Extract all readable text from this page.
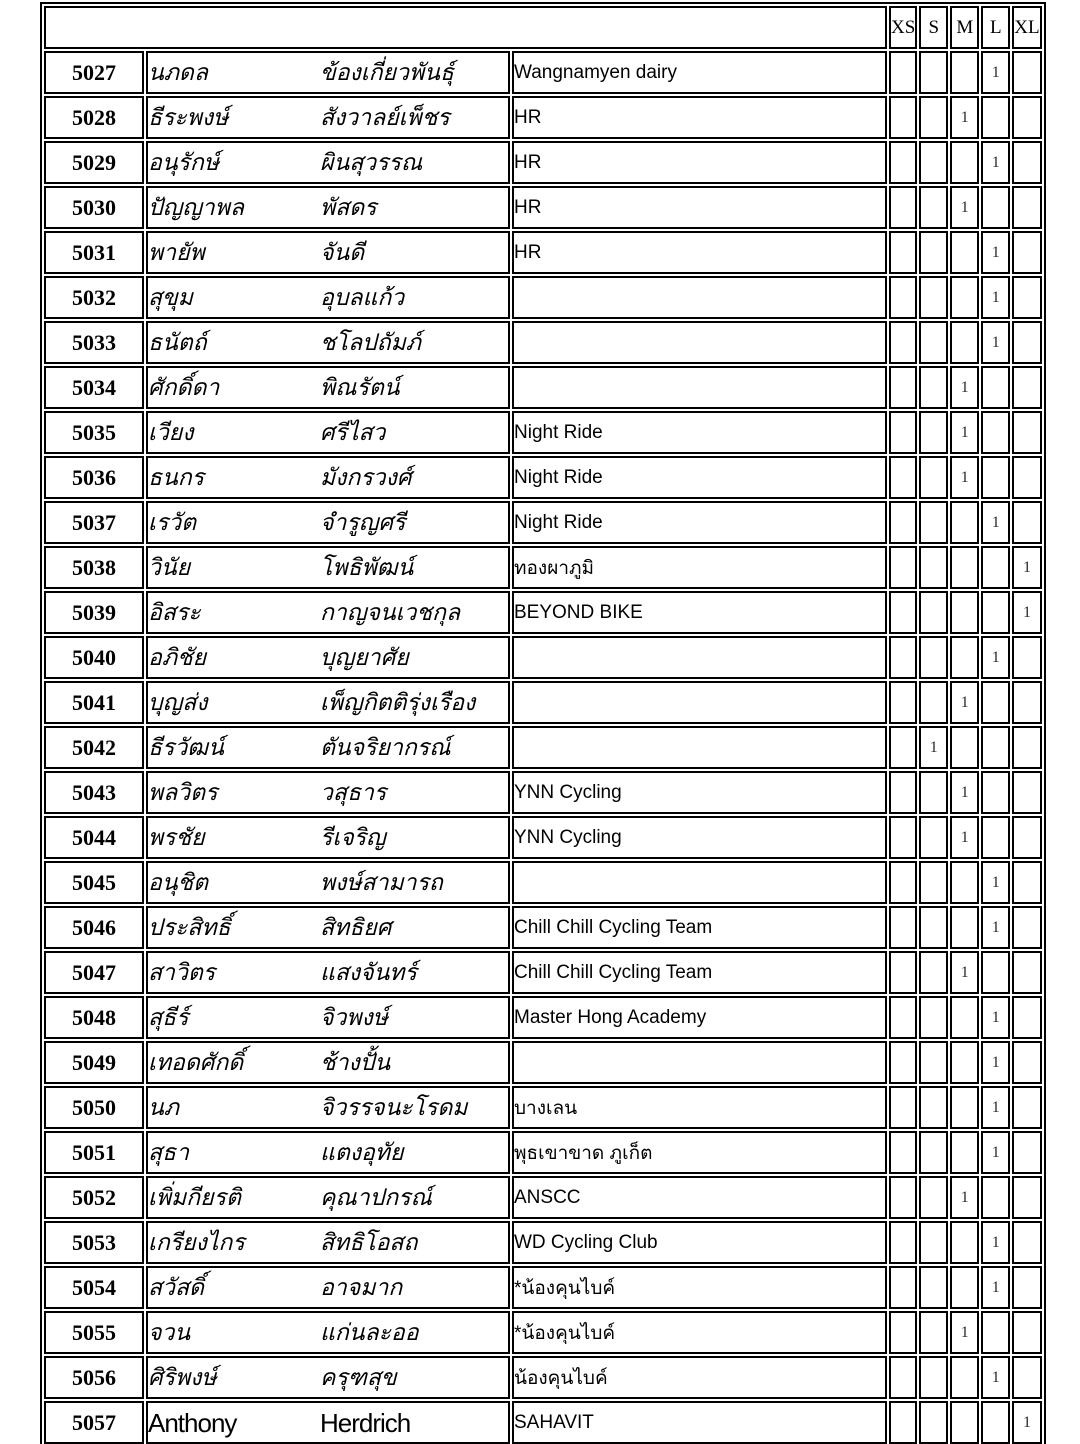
			XS	S	M	L	XL
5027	นภดล ข้องเกี่ยวพันธุ์	Wangnamyen dairy				1	
5028	ธีระพงษ์ สังวาลย์เพ็ชร	HR			1		
5029	อนุรักษ์ ผินสุวรรณ	HR				1	
5030	ปัญญาพล พัสดร	HR			1		
5031	พายัพ จันดี	HR				1	
5032	สุขุม อุบลแก้ว					1	
5033	ธนัตถ์ ชโลปถัมภ์					1	
5034	ศักดิ์ดา พิณรัตน์				1		
5035	เวียง ศรีไสว	Night Ride			1		
5036	ธนกร มังกรวงศ์	Night Ride			1		
5037	เรวัต จำรูญศรี	Night Ride				1	
5038	วินัย โพธิพัฒน์	ทองผาภูมิ					1
5039	อิสระ กาญจนเวชกุล	BEYOND BIKE					1
5040	อภิชัย บุญยาศัย					1	
5041	บุญส่ง เพ็ญกิตติรุ่งเรือง				1		
5042	ธีรวัฒน์ ตันจริยากรณ์			1			
5043	พลวิตร วสุธาร	YNN Cycling			1		
5044	พรชัย รีเจริญ	YNN Cycling			1		
5045	อนุชิต พงษ์สามารถ					1	
5046	ประสิทธิ์ สิทธิยศ	Chill Chill Cycling Team				1	
5047	สาวิตร แสงจันทร์	Chill Chill Cycling Team			1		
5048	สุธีร์ จิวพงษ์	Master Hong Academy				1	
5049	เทอดศักดิ์ ช้างปั้น					1	
5050	นภ จิวรรจนะโรดม	บางเลน				1	
5051	สุธา แตงอุทัย	พุธเขาขาด ภูเก็ต				1	
5052	เพิ่มกียรติ คุณาปกรณ์	ANSCC			1		
5053	เกรียงไกร สิทธิโอสถ	WD Cycling Club				1	
5054	สวัสดิ์ อาจมาก	*น้องคุนไบค์				1	
5055	จวน แก่นละออ	*น้องคุนไบค์			1		
5056	ศิริพงษ์ ครุฑสุข	น้องคุนไบค์				1	
5057	Anthony Herdrich	SAHAVIT					1
